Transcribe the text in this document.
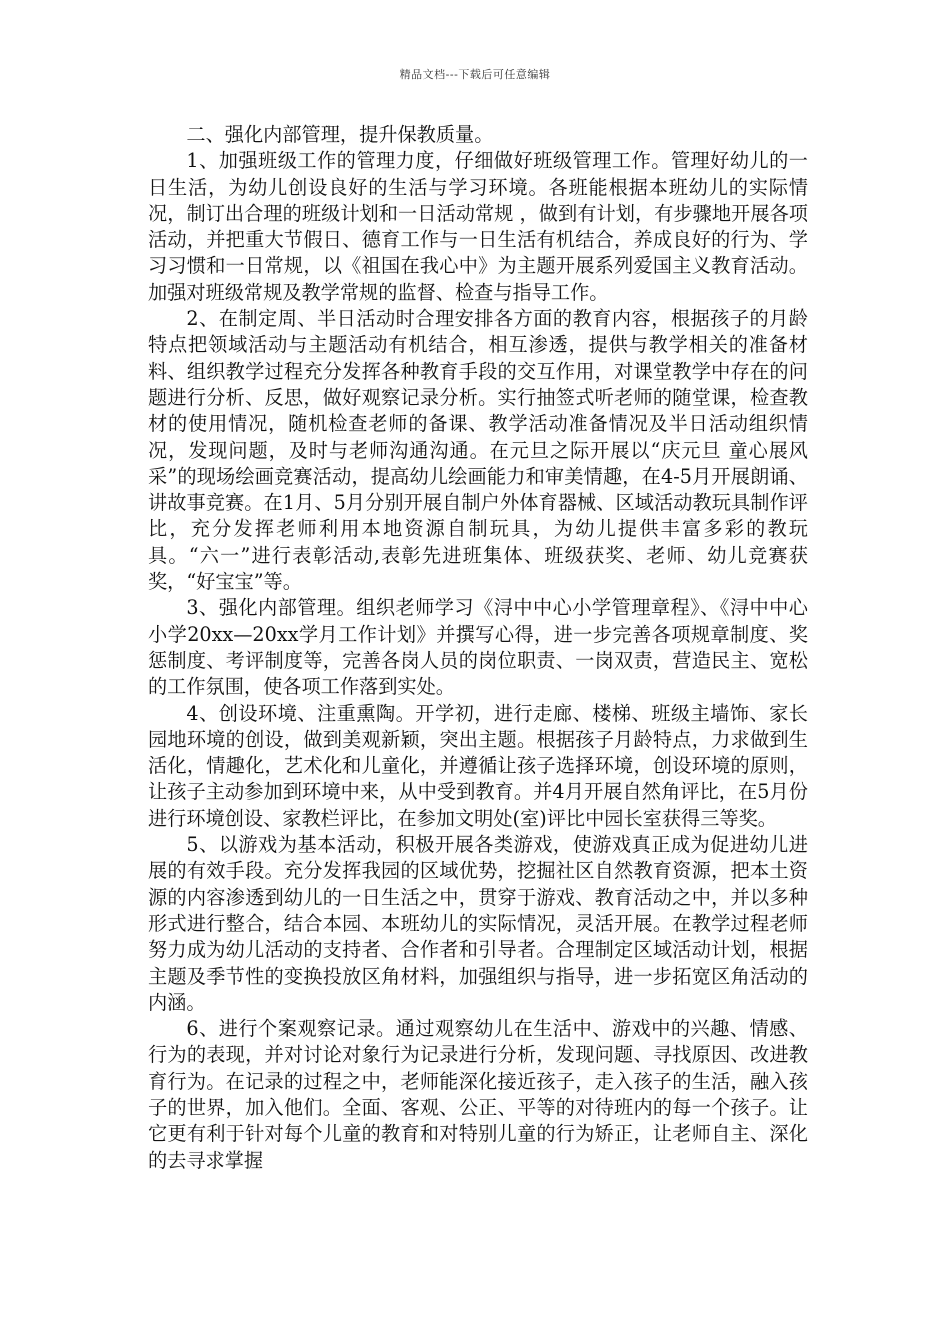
精品文档---下载后可任意编辑

二、强化内部管理，提升保教质量。

1、加强班级工作的管理力度，仔细做好班级管理工作。管理好幼儿的一日生活，为幼儿创设良好的生活与学习环境。各班能根据本班幼儿的实际情况，制订出合理的班级计划和一日活动常规 ，做到有计划，有步骤地开展各项活动，并把重大节假日、德育工作与一日生活有机结合，养成良好的行为、学习习惯和一日常规，以《祖国在我心中》为主题开展系列爱国主义教育活动。加强对班级常规及教学常规的监督、检查与指导工作。

2、在制定周、半日活动时合理安排各方面的教育内容，根据孩子的月龄特点把领域活动与主题活动有机结合，相互渗透，提供与教学相关的准备材料、组织教学过程充分发挥各种教育手段的交互作用，对课堂教学中存在的问题进行分析、反思，做好观察记录分析。实行抽签式听老师的随堂课，检查教材的使用情况，随机检查老师的备课、教学活动准备情况及半日活动组织情况，发现问题，及时与老师沟通沟通。在元旦之际开展以“庆元旦 童心展风采”的现场绘画竞赛活动，提高幼儿绘画能力和审美情趣，在4-5月开展朗诵、讲故事竞赛。在1月、5月分别开展自制户外体育器械、区域活动教玩具制作评比，充分发挥老师利用本地资源自制玩具，为幼儿提供丰富多彩的教玩具。“六一”进行表彰活动,表彰先进班集体、班级获奖、老师、幼儿竞赛获奖，“好宝宝”等。

3、强化内部管理。组织老师学习《浔中中心小学管理章程》、《浔中中心小学20xx—20xx学月工作计划》并撰写心得，进一步完善各项规章制度、奖惩制度、考评制度等，完善各岗人员的岗位职责、一岗双责，营造民主、宽松的工作氛围，使各项工作落到实处。

4、创设环境、注重熏陶。开学初，进行走廊、楼梯、班级主墙饰、家长园地环境的创设，做到美观新颖，突出主题。根据孩子月龄特点，力求做到生活化，情趣化，艺术化和儿童化，并遵循让孩子选择环境，创设环境的原则，让孩子主动参加到环境中来，从中受到教育。并4月开展自然角评比，在5月份进行环境创设、家教栏评比，在参加文明处(室)评比中园长室获得三等奖。

5、以游戏为基本活动，积极开展各类游戏，使游戏真正成为促进幼儿进展的有效手段。充分发挥我园的区域优势，挖掘社区自然教育资源，把本土资源的内容渗透到幼儿的一日生活之中，贯穿于游戏、教育活动之中，并以多种形式进行整合，结合本园、本班幼儿的实际情况，灵活开展。在教学过程老师努力成为幼儿活动的支持者、合作者和引导者。合理制定区域活动计划，根据主题及季节性的变换投放区角材料，加强组织与指导，进一步拓宽区角活动的内涵。

6、进行个案观察记录。通过观察幼儿在生活中、游戏中的兴趣、情感、行为的表现，并对讨论对象行为记录进行分析，发现问题、寻找原因、改进教育行为。在记录的过程之中，老师能深化接近孩子，走入孩子的生活，融入孩子的世界，加入他们。全面、客观、公正、平等的对待班内的每一个孩子。让它更有利于针对每个儿童的教育和对特别儿童的行为矫正，让老师自主、深化的去寻求掌握
